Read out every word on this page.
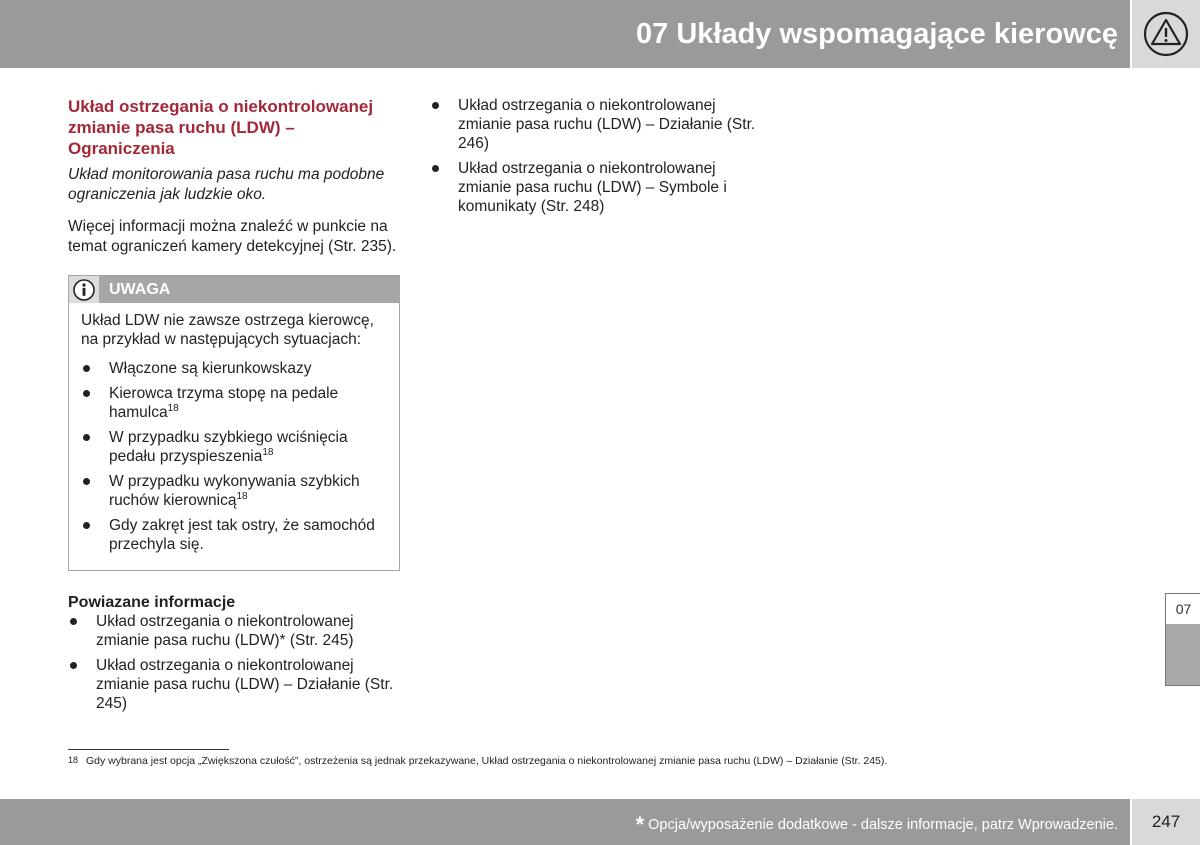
07 Układy wspomagające kierowcę
Układ ostrzegania o niekontrolowanej zmianie pasa ruchu (LDW) – Ograniczenia

Układ monitorowania pasa ruchu ma podobne ograniczenia jak ludzkie oko.

Więcej informacji można znaleźć w punkcie na temat ograniczeń kamery detekcyjnej (Str. 235).

UWAGA

Układ LDW nie zawsze ostrzega kierowcę, na przykład w następujących sytuacjach:

Włączone są kierunkowskazy
Kierowca trzyma stopę na pedale hamulca$^{18}$
W przypadku szybkiego wciśnięcia pedału przyspieszenia$^{18}$
W przypadku wykonywania szybkich ruchów kierownicą$^{18}$
Gdy zakręt jest tak ostry, że samochód przechyla się.
Powiazane informacje
Układ ostrzegania o niekontrolowanej zmianie pasa ruchu (LDW)* (Str. 245)
Układ ostrzegania o niekontrolowanej zmianie pasa ruchu (LDW) – Działanie (Str. 245)
Układ ostrzegania o niekontrolowanej zmianie pasa ruchu (LDW) – Działanie (Str. 246)
Układ ostrzegania o niekontrolowanej zmianie pasa ruchu (LDW) – Symbole i komunikaty (Str. 248)
07
18 Gdy wybrana jest opcja „Zwiększona czułość”, ostrzeżenia są jednak przekazywane, Układ ostrzegania o niekontrolowanej zmianie pasa ruchu (LDW) – Działanie (Str. 245).
* Opcja/wyposażenie dodatkowe - dalsze informacje, patrz Wprowadzenie.	247
